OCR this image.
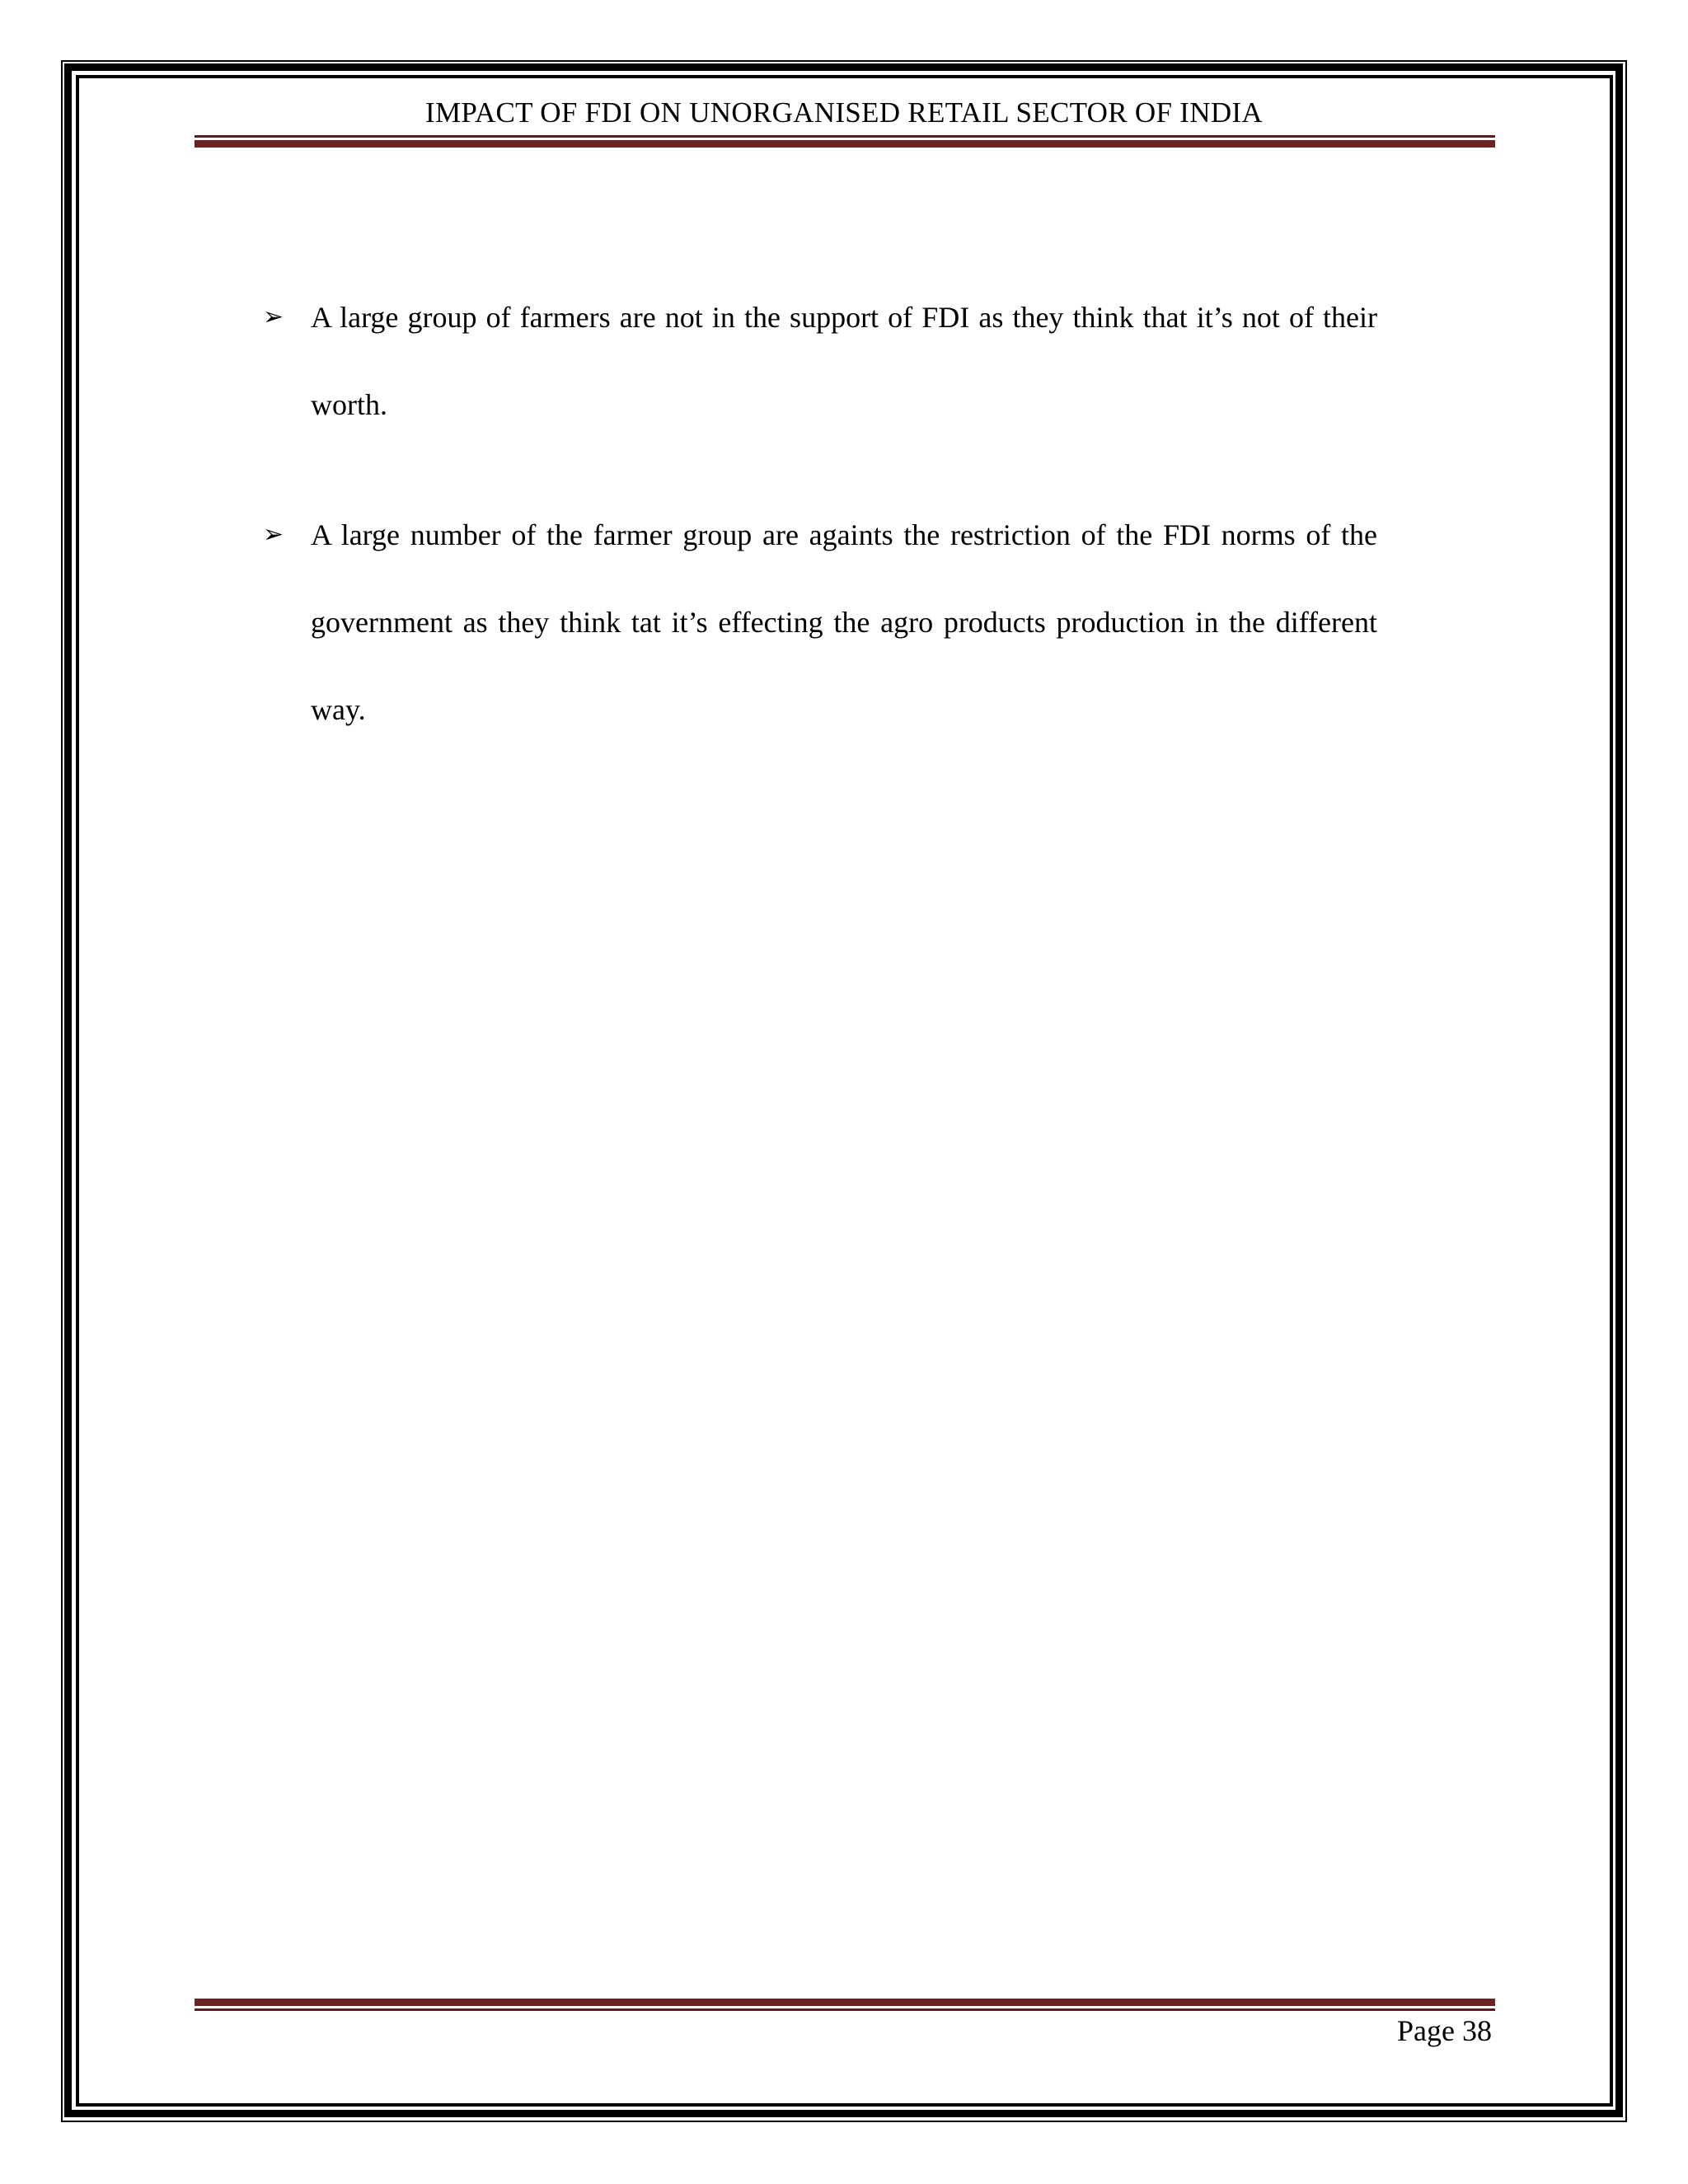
IMPACT OF FDI ON UNORGANISED RETAIL SECTOR OF INDIA
➢ A large group of farmers are not in the support of FDI as they think that it’s not of their worth.
➢ A large number of the farmer group are againts the restriction of the FDI norms of the government as they think tat it’s effecting the agro products production in the different way.
Page 38
